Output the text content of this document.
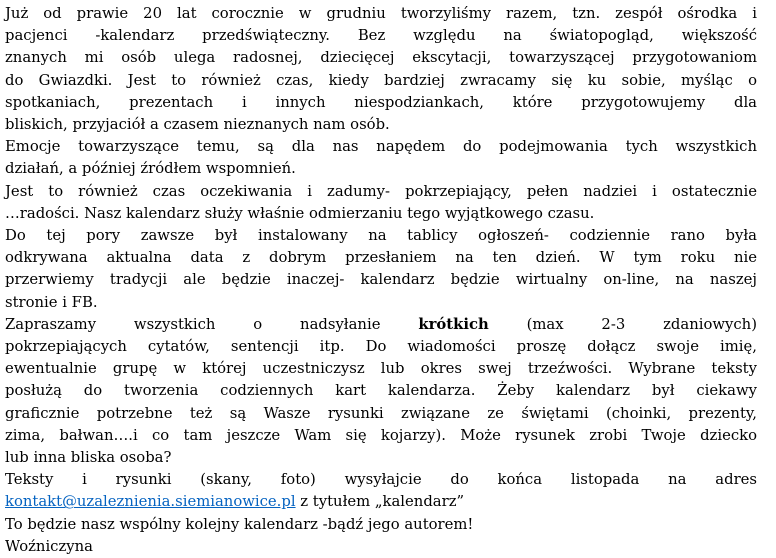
Już od prawie 20 lat corocznie w grudniu tworzyliśmy razem, tzn. zespół ośrodka i
pacjenci -kalendarz przedświąteczny. Bez względu na światopogląd, większość
znanych mi osób ulega radosnej, dziecięcej ekscytacji, towarzyszącej przygotowaniom
do Gwiazdki. Jest to również czas, kiedy bardziej zwracamy się ku sobie, myśląc o
spotkaniach, prezentach i innych niespodziankach, które przygotowujemy dla
bliskich, przyjaciół a czasem nieznanych nam osób.
Emocje towarzyszące temu, są dla nas napędem do podejmowania tych wszystkich
działań, a później źródłem wspomnień.
Jest to również czas oczekiwania i zadumy- pokrzepiający, pełen nadziei i ostatecznie
…radości. Nasz kalendarz służy właśnie odmierzaniu tego wyjątkowego czasu.
Do tej pory zawsze był instalowany na tablicy ogłoszeń- codziennie rano była
odkrywana aktualna data z dobrym przesłaniem na ten dzień. W tym roku nie
przerwiemy tradycji ale będzie inaczej- kalendarz będzie wirtualny on-line, na naszej
stronie i FB.
Zapraszamy wszystkich o nadsyłanie krótkich (max 2-3 zdaniowych)
pokrzepiających cytatów, sentencji itp. Do wiadomości proszę dołącz swoje imię,
ewentualnie grupę w której uczestniczysz lub okres swej trzeźwości. Wybrane teksty
posłużą do tworzenia codziennych kart kalendarza. Żeby kalendarz był ciekawy
graficznie potrzebne też są Wasze rysunki związane ze świętami (choinki, prezenty,
zima, bałwan….i co tam jeszcze Wam się kojarzy). Może rysunek zrobi Twoje dziecko
lub inna bliska osoba?
Teksty i rysunki (skany, foto) wysyłajcie do końca listopada na adres
kontakt@uzaleznienia.siemianowice.pl z tytułem „kalendarz”
To będzie nasz wspólny kolejny kalendarz -bądź jego autorem!
Woźniczyna
